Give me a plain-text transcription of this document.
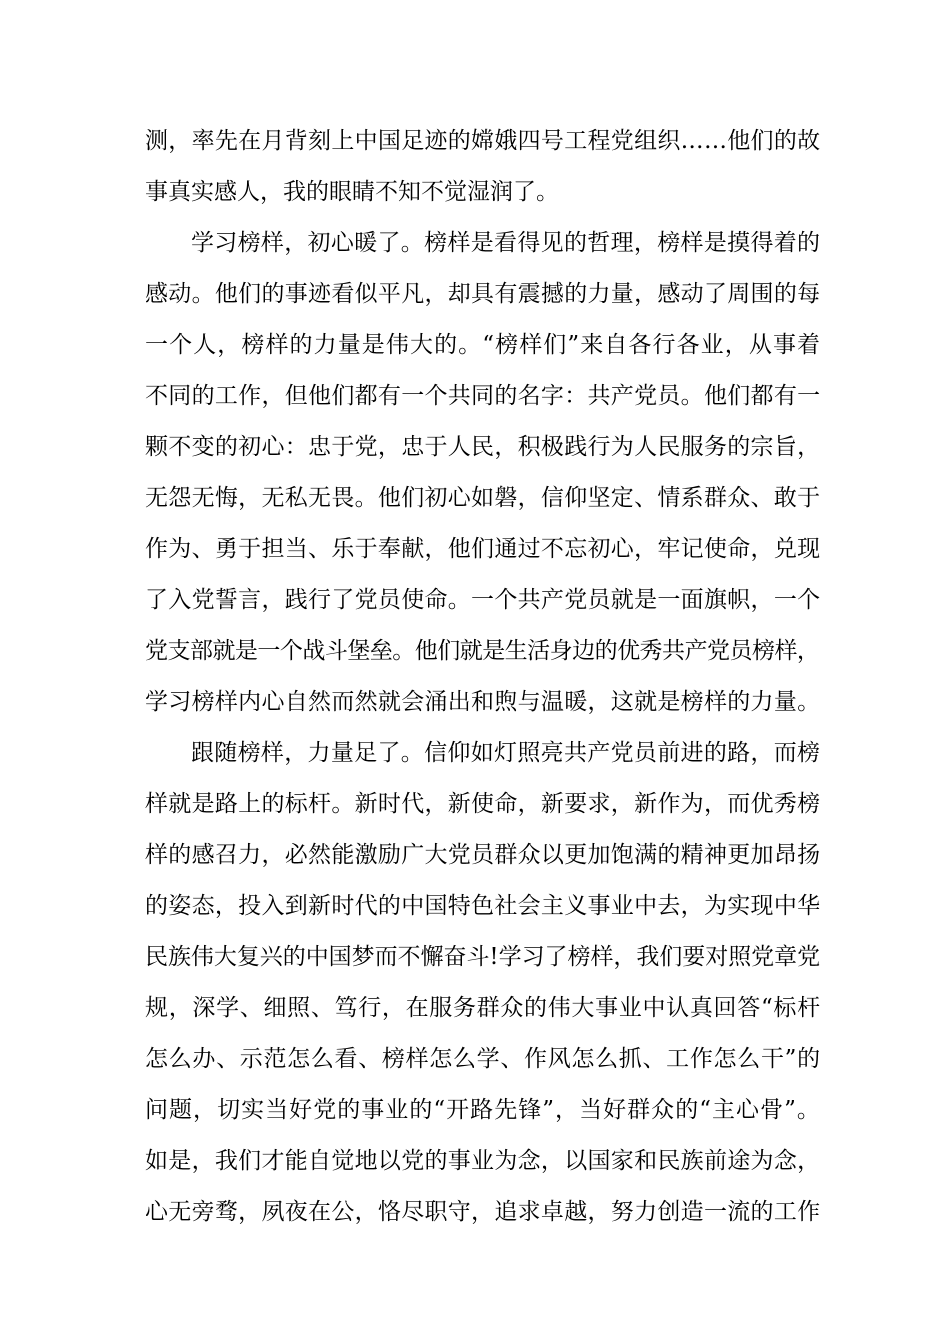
测，率先在月背刻上中国足迹的嫦娥四号工程党组织……他们的故
事真实感人，我的眼睛不知不觉湿润了。
学习榜样，初心暖了。榜样是看得见的哲理，榜样是摸得着的
感动。他们的事迹看似平凡，却具有震撼的力量，感动了周围的每
一个人，榜样的力量是伟大的。“榜样们”来自各行各业，从事着
不同的工作，但他们都有一个共同的名字：共产党员。他们都有一
颗不变的初心：忠于党，忠于人民，积极践行为人民服务的宗旨，
无怨无悔，无私无畏。他们初心如磐，信仰坚定、情系群众、敢于
作为、勇于担当、乐于奉献，他们通过不忘初心，牢记使命，兑现
了入党誓言，践行了党员使命。一个共产党员就是一面旗帜，一个
党支部就是一个战斗堡垒。他们就是生活身边的优秀共产党员榜样，
学习榜样内心自然而然就会涌出和煦与温暖，这就是榜样的力量。
跟随榜样，力量足了。信仰如灯照亮共产党员前进的路，而榜
样就是路上的标杆。新时代，新使命，新要求，新作为，而优秀榜
样的感召力，必然能激励广大党员群众以更加饱满的精神更加昂扬
的姿态，投入到新时代的中国特色社会主义事业中去，为实现中华
民族伟大复兴的中国梦而不懈奋斗!学习了榜样，我们要对照党章党
规，深学、细照、笃行，在服务群众的伟大事业中认真回答“标杆
怎么办、示范怎么看、榜样怎么学、作风怎么抓、工作怎么干”的
问题，切实当好党的事业的“开路先锋”，当好群众的“主心骨”。
如是，我们才能自觉地以党的事业为念，以国家和民族前途为念，
心无旁骛，夙夜在公，恪尽职守，追求卓越，努力创造一流的工作
